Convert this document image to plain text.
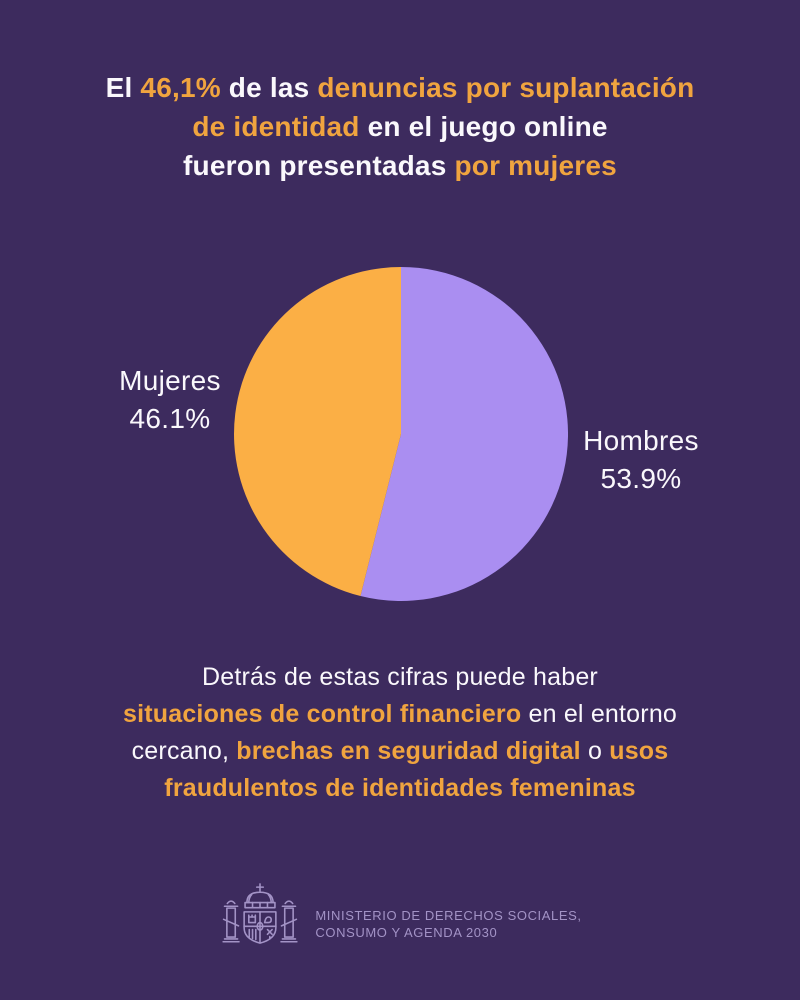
El 46,1% de las denuncias por suplantación
de identidad en el juego online
fueron presentadas por mujeres
Mujeres
46.1%
Hombres
53.9%
Detrás de estas cifras puede haber
situaciones de control financiero en el entorno
cercano, brechas en seguridad digital o usos
fraudulentos de identidades femeninas
MINISTERIO DE DERECHOS SOCIALES,
CONSUMO Y AGENDA 2030
